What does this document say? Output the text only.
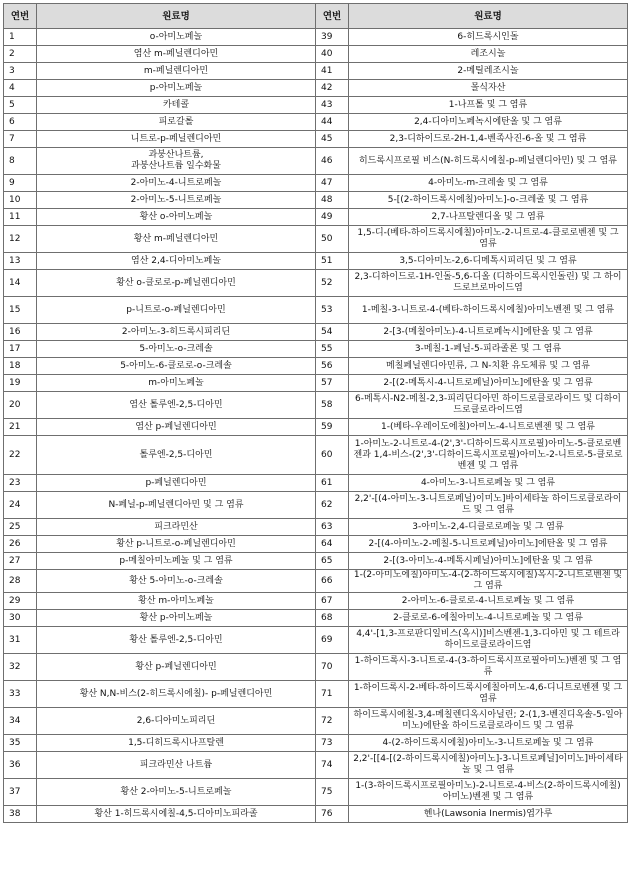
연번	원료명	연번	원료명
1	o-아미노페놀	39	6-히드록시인돌
2	염산 m-페닐렌디아민	40	레조시놀
3	m-페닐렌디아민	41	2-메틸레조시놀
4	p-아미노페놀	42	몰식자산
5	카테콜	43	1-나프톨 및 그 염류
6	피로갈롤	44	2,4-디아미노페녹시에탄올 및 그 염류
7	니트로-p-페닐렌디아민	45	2,3-디하이드로-2H-1,4-벤족사진-6-올 및 그 염류
8	과붕산나트륨,
과붕산나트륨 일수화물	46	히드록시프로필 비스(N-히드록시에칠-p-페닐렌디아민) 및 그 염류
9	2-아미노-4-니트로페놀	47	4-아미노-m-크레솔 및 그 염류
10	2-아미노-5-니트로페놀	48	5-[(2-하이드록시에칠)아미노]-o-크레졸 및 그 염류
11	황산 o-아미노페놀	49	2,7-나프탈렌디올 및 그 염류
12	황산 m-페닐렌디아민	50	1,5-디-(베타-하이드록시에칠)아미노-2-니트로-4-클로로벤젠 및 그 염류
13	염산 2,4-디아미노페놀	51	3,5-디아미노-2,6-디메톡시피리딘 및 그 염류
14	황산 o-클로로-p-페닐렌디아민	52	2,3-디하이드로-1H-인돌-5,6-디올 (디하이드록시인돌린) 및 그 하이드로브로마이드염
15	p-니트로-o-페닐렌디아민	53	1-메칠-3-니트로-4-(베타-하이드록시에칠)아미노벤젠 및 그 염류
16	2-아미노-3-히드록시피리딘	54	2-[3-(메칠아미노)-4-니트로페녹시]에탄올 및 그 염류
17	5-아미노-o-크레솔	55	3-메칠-1-페닐-5-피라졸론 및 그 염류
18	5-아미노-6-클로로-o-크레솔	56	메칠페닐렌디아민류, 그 N-치환 유도체류 및 그 염류
19	m-아미노페놀	57	2-[(2-메톡시-4-니트로페닐)아미노]에탄올 및 그 염류
20	염산 톨루엔-2,5-디아민	58	6-메톡시-N2-메칠-2,3-피리딘디아민 하이드로클로라이드 및 디하이드로클로라이드염
21	염산 p-페닐렌디아민	59	1-(베타-우레이도에칠)아미노-4-니트로벤젠 및 그 염류
22	톨루엔-2,5-디아민	60	1-아미노-2-니트로-4-(2',3'-디하이드록시프로필)아미노-5-클로로벤젠과 1,4-비스-(2',3'-디하이드록시프로필)아미노-2-니트로-5-클로로벤젠 및 그 염류
23	p-페닐렌디아민	61	4-아미노-3-니트로페놀 및 그 염류
24	N-페닐-p-페닐렌디아민 및 그 염류	62	2,2'-[(4-아미노-3-니트로페닐)이미노]바이세타놀 하이드로클로라이드 및 그 염류
25	피크라민산	63	3-아미노-2,4-디클로로페놀 및 그 염류
26	황산 p-니트로-o-페닐렌디아민	64	2-[(4-아미노-2-메칠-5-니트로페닐)아미노]에탄올 및 그 염류
27	p-메칠아미노페놀 및 그 염류	65	2-[(3-아미노-4-메톡시페닐)아미노]에탄올 및 그 염류
28	황산 5-아미노-o-크레솔	66	1-(2-아미노에칠)아미노-4-(2-하이드록시에칠)옥시-2-니트로벤젠 및 그 염류
29	황산 m-아미노페놀	67	2-아미노-6-클로로-4-니트로페놀 및 그 염류
30	황산 p-아미노페놀	68	2-클로로-6-에칠아미노-4-니트로페놀 및 그 염류
31	황산 톨루엔-2,5-디아민	69	4,4'-[1,3-프로판디일비스(옥시)]비스벤젠-1,3-디아민 및 그 테트라하이드로클로라이드염
32	황산 p-페닐렌디아민	70	1-하이드록시-3-니트로-4-(3-하이드록시프로필아미노)벤젠 및 그 염류
33	황산 N,N-비스(2-히드록시에칠)- p-페닐렌디아민	71	1-하이드록시-2-베타-하이드록시에칠아미노-4,6-디니트로벤젠 및 그 염류
34	2,6-디아미노피리딘	72	하이드록시에칠-3,4-메칠렌디옥시아닐린; 2-(1,3-벤진디옥솔-5-일아미노)에탄올 하이드로클로라이드 및 그 염류
35	1,5-디히드록시나프탈렌	73	4-(2-하이드록시에칠)아미노-3-니트로페놀 및 그 염류
36	피크라민산 나트륨	74	2,2'-[[4-[(2-하이드록시에칠)아미노]-3-니트로페닐]이미노]바이세타놀 및 그 염류
37	황산 2-아미노-5-니트로페놀	75	1-(3-하이드록시프로필아미노)-2-니트로-4-비스(2-하이드록시에칠)아미노)벤젠 및 그 염류
38	황산 1-히드록시에칠-4,5-디아미노피라졸	76	헨나(Lawsonia Inermis)엽가루
